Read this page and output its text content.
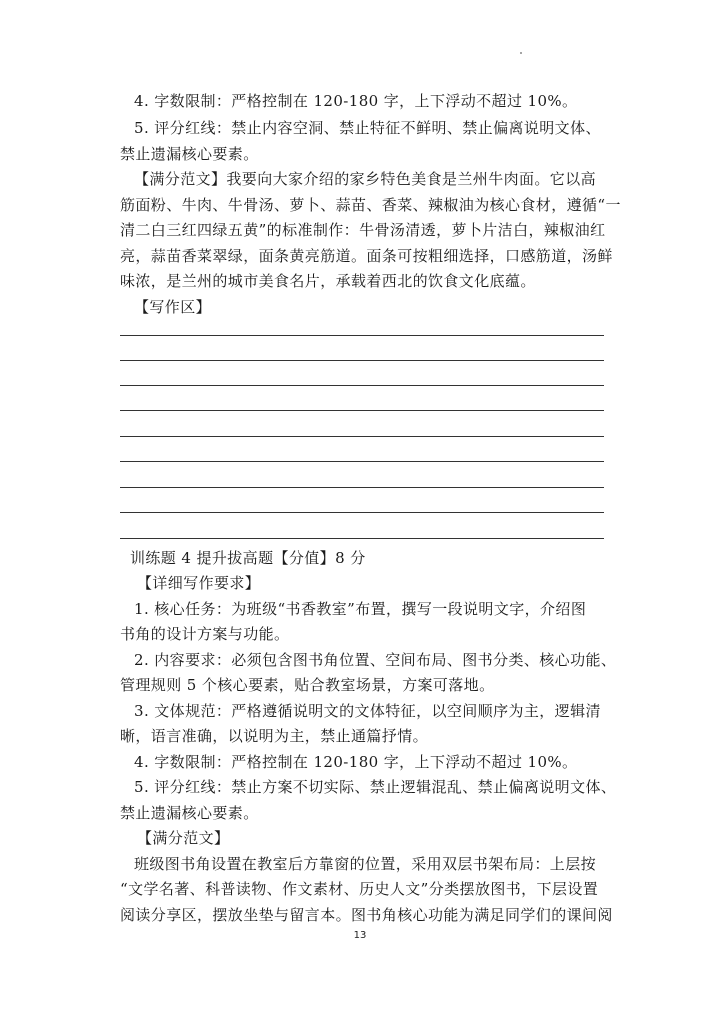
4. 字数限制：严格控制在 120-180 字，上下浮动不超过 10%。
5. 评分红线：禁止内容空洞、禁止特征不鲜明、禁止偏离说明文体、
禁止遗漏核心要素。
【满分范文】我要向大家介绍的家乡特色美食是兰州牛肉面。它以高
筋面粉、牛肉、牛骨汤、萝卜、蒜苗、香菜、辣椒油为核心食材，遵循“一
清二白三红四绿五黄”的标准制作：牛骨汤清透，萝卜片洁白，辣椒油红
亮，蒜苗香菜翠绿，面条黄亮筋道。面条可按粗细选择，口感筋道，汤鲜
味浓，是兰州的城市美食名片，承载着西北的饮食文化底蕴。
【写作区】
训练题 4 提升拔高题【分值】8 分
【详细写作要求】
1. 核心任务：为班级“书香教室”布置，撰写一段说明文字，介绍图
书角的设计方案与功能。
2. 内容要求：必须包含图书角位置、空间布局、图书分类、核心功能、
管理规则 5 个核心要素，贴合教室场景，方案可落地。
3. 文体规范：严格遵循说明文的文体特征，以空间顺序为主，逻辑清
晰，语言准确，以说明为主，禁止通篇抒情。
4. 字数限制：严格控制在 120-180 字，上下浮动不超过 10%。
5. 评分红线：禁止方案不切实际、禁止逻辑混乱、禁止偏离说明文体、
禁止遗漏核心要素。
【满分范文】
班级图书角设置在教室后方靠窗的位置，采用双层书架布局：上层按
“文学名著、科普读物、作文素材、历史人文”分类摆放图书，下层设置
阅读分享区，摆放坐垫与留言本。图书角核心功能为满足同学们的课间阅
13
